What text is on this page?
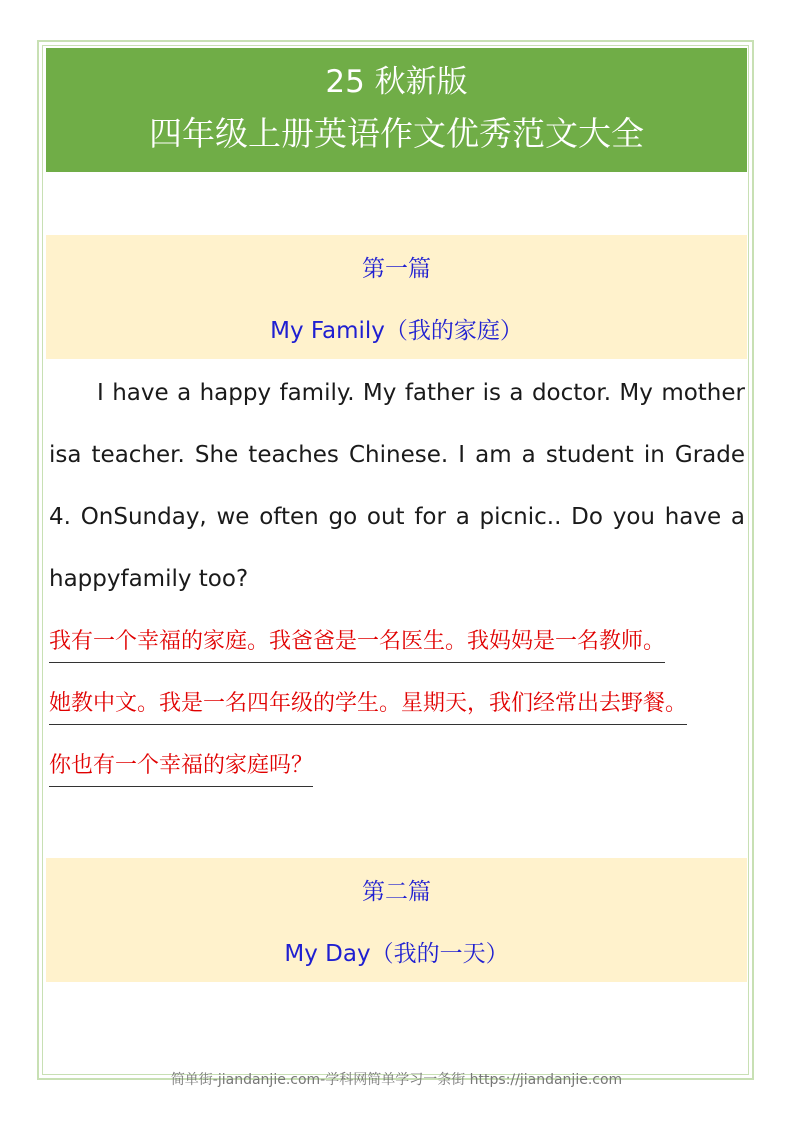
25 秋新版
四年级上册英语作文优秀范文大全
第一篇
My Family（我的家庭）

I have a happy family. My father is a doctor. My mother isa teacher. She teaches Chinese. I am a student in Grade 4. OnSunday, we often go out for a picnic.. Do you have a happyfamily too?

我有一个幸福的家庭。我爸爸是一名医生。我妈妈是一名教师。
她教中文。我是一名四年级的学生。星期天，我们经常出去野餐。
你也有一个幸福的家庭吗？
第二篇
My Day（我的一天）
简单街-jiandanjie.com-学科网简单学习一条街 https://jiandanjie.com
